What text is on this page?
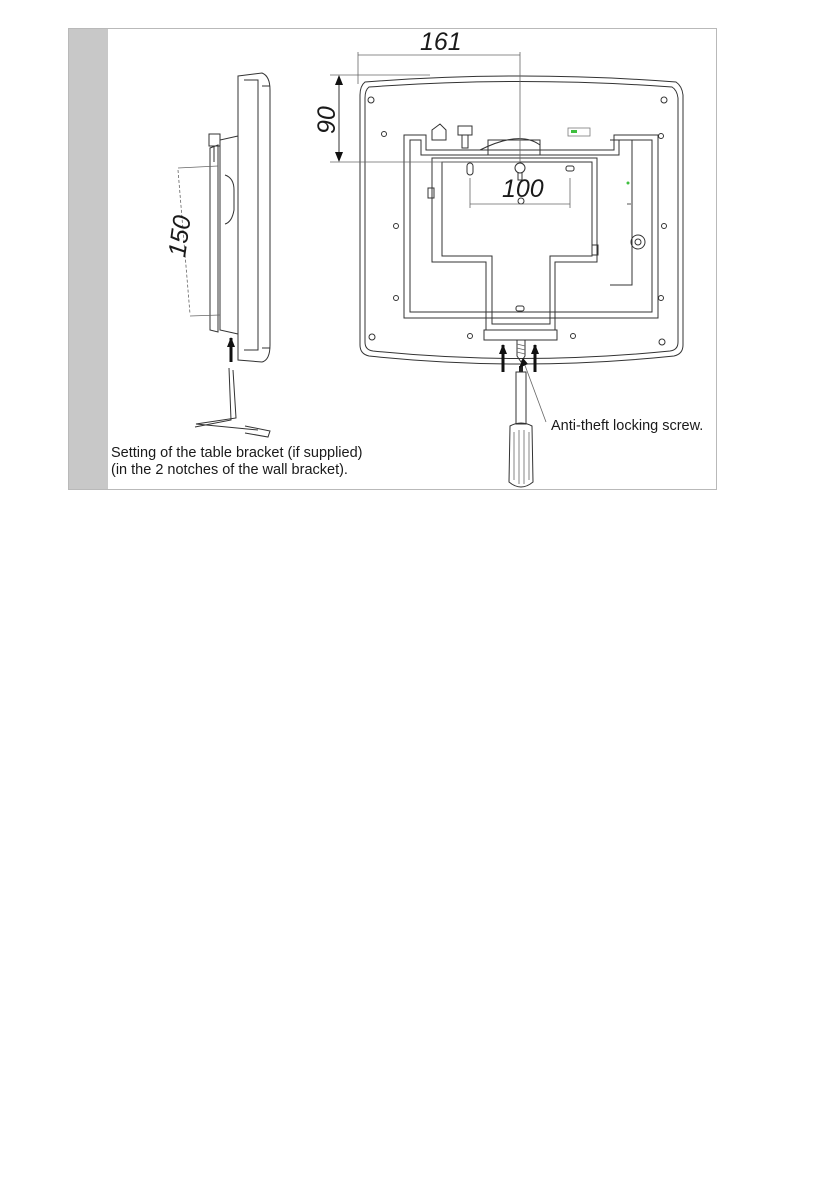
150
161
90
100
Setting of the table bracket (if supplied)
(in the 2 notches of the wall bracket).
Anti-theft locking screw.
